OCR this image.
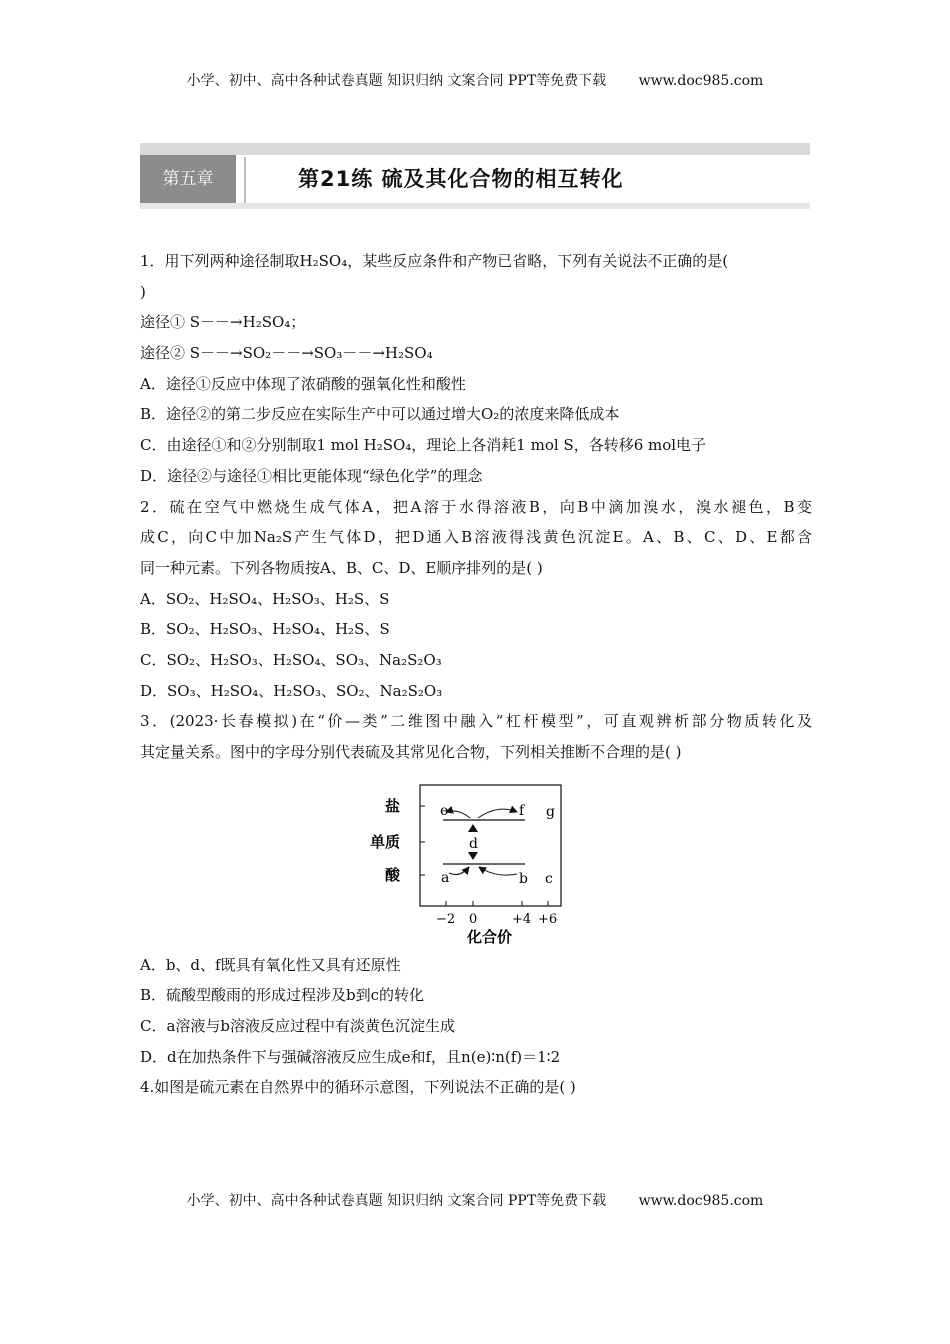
小学、初中、高中各种试卷真题 知识归纳 文案合同 PPT等免费下载 www.doc985.com
第五章	第21练 硫及其化合物的相互转化
1．用下列两种途径制取H₂SO₄，某些反应条件和产物已省略，下列有关说法不正确的是(
)
途径① S－－→H₂SO₄；
途径② S－－→SO₂－－→SO₃－－→H₂SO₄
A．途径①反应中体现了浓硝酸的强氧化性和酸性
B．途径②的第二步反应在实际生产中可以通过增大O₂的浓度来降低成本
C．由途径①和②分别制取1 mol H₂SO₄，理论上各消耗1 mol S，各转移6 mol电子
D．途径②与途径①相比更能体现“绿色化学”的理念
2．硫在空气中燃烧生成气体A，把A溶于水得溶液B，向B中滴加溴水，溴水褪色，B变
成C，向C中加Na₂S产生气体D，把D通入B溶液得浅黄色沉淀E。A、B、C、D、E都含
同一种元素。下列各物质按A、B、C、D、E顺序排列的是( )
A．SO₂、H₂SO₄、H₂SO₃、H₂S、S
B．SO₂、H₂SO₃、H₂SO₄、H₂S、S
C．SO₂、H₂SO₃、H₂SO₄、SO₃、Na₂S₂O₃
D．SO₃、H₂SO₄、H₂SO₃、SO₂、Na₂S₂O₃
3．(2023·长春模拟)在“价—类”二维图中融入“杠杆模型”，可直观辨析部分物质转化及
其定量关系。图中的字母分别代表硫及其常见化合物，下列相关推断不合理的是( )
盐
单质
酸
−2 0	+4 +6
化合价
e	f g
d
a	b c
A．b、d、f既具有氧化性又具有还原性
B．硫酸型酸雨的形成过程涉及b到c的转化
C．a溶液与b溶液反应过程中有淡黄色沉淀生成
D．d在加热条件下与强碱溶液反应生成e和f，且n(e)∶n(f)＝1∶2
4.如图是硫元素在自然界中的循环示意图，下列说法不正确的是( )
小学、初中、高中各种试卷真题 知识归纳 文案合同 PPT等免费下载 www.doc985.com
